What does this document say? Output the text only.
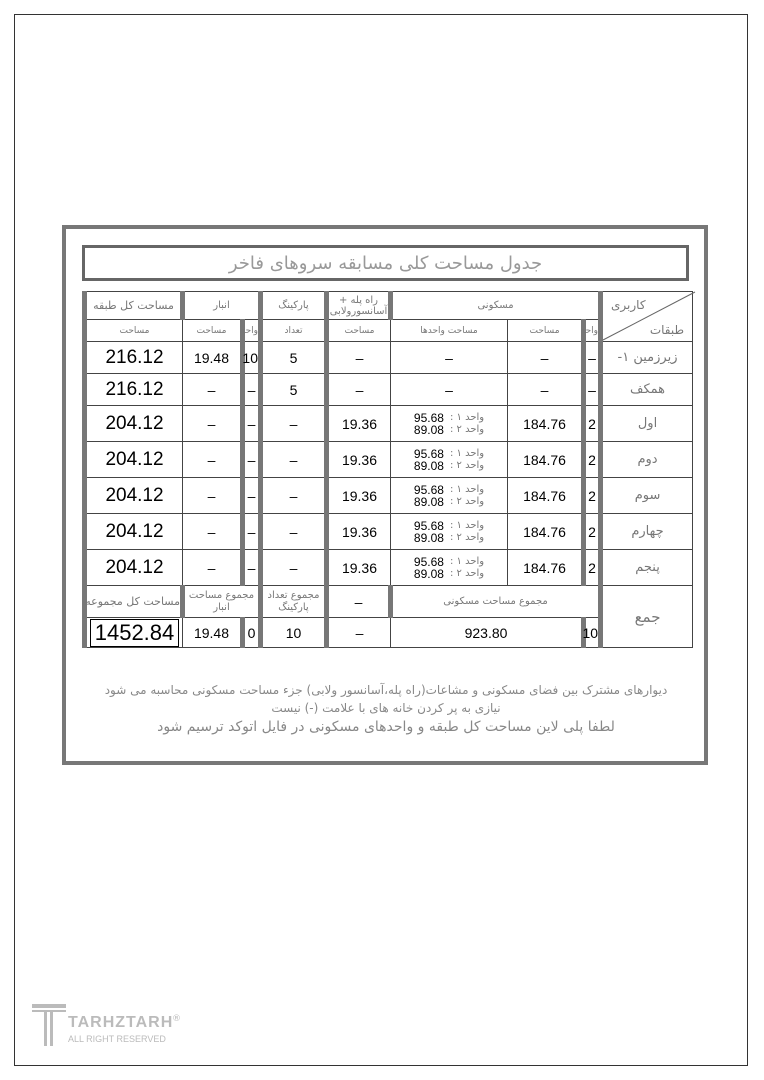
جدول مساحت کلی مسابقه سروهای فاخر
کاربری
طبقات	مسکونی			راه پله + آسانسورولابی	پارکینگ	انبار		مساحت کل طبقه
	واحد	مساحت	مساحت واحدها	مساحت	تعداد	واحد	مساحت	مساحت
زیرزمین ۱-	–	–	–	–	5	10	19.48	216.12
همکف	–	–	–	–	5	–	–	216.12
اول	2	184.76	واحد ۱ :
95.68
واحد ۲ :
89.08	19.36	–	–	–	204.12
دوم	2	184.76	واحد ۱ :
95.68
واحد ۲ :
89.08	19.36	–	–	–	204.12
سوم	2	184.76	واحد ۱ :
95.68
واحد ۲ :
89.08	19.36	–	–	–	204.12
چهارم	2	184.76	واحد ۱ :
95.68
واحد ۲ :
89.08	19.36	–	–	–	204.12
پنجم	2	184.76	واحد ۱ :
95.68
واحد ۲ :
89.08	19.36	–	–	–	204.12
جمع	مجموع مساحت مسکونی			–	مجموع تعداد پارکینگ	مجموع مساحت انبار		مساحت کل مجموعه
	10	923.80		–	10	0	19.48	1452.84
دیوارهای مشترک بین فضای مسکونی و مشاعات(راه پله،آسانسور ولابی) جزء مساحت مسکونی محاسبه می شود
نیازی به پر کردن خانه های با علامت (-) نیست
لطفا پلی لاین مساحت کل طبقه و واحدهای مسکونی در فایل اتوکد ترسیم شود
TARHZTARH
ALL RIGHT RESERVED
®
